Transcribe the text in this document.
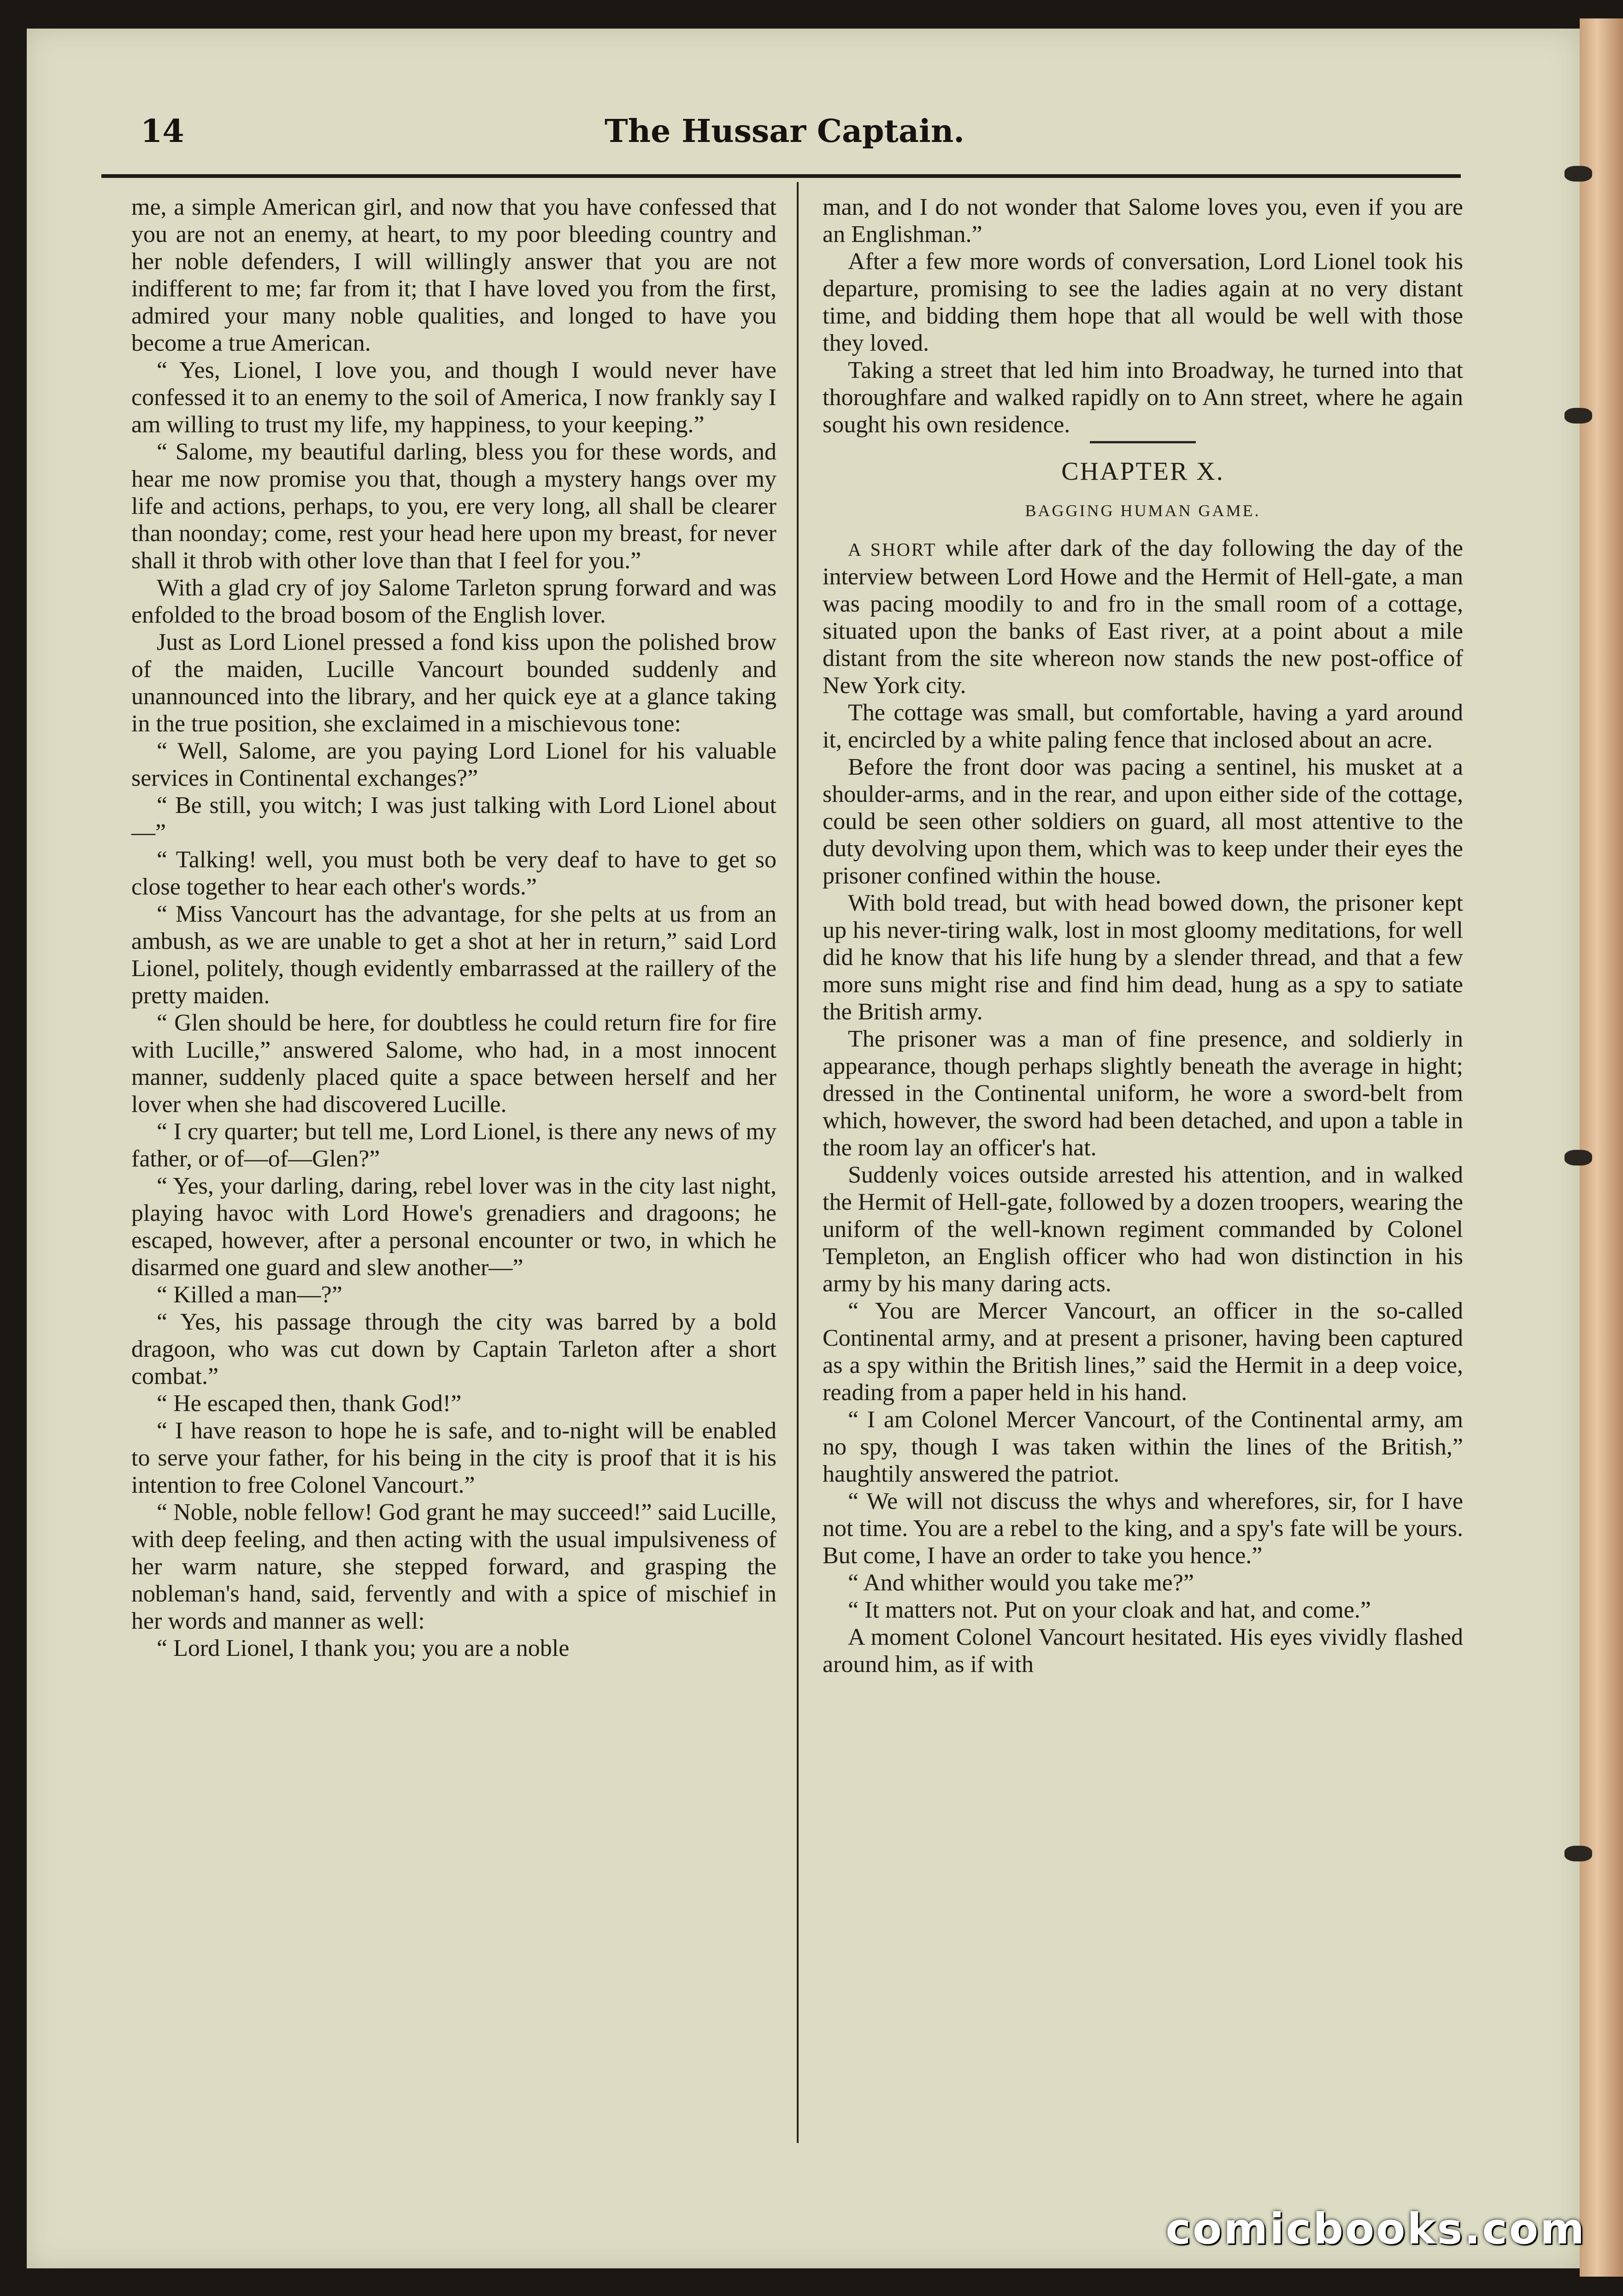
14	The Hussar Captain.

me, a simple American girl, and now that you have confessed that you are not an enemy, at heart, to my poor bleeding country and her noble defenders, I will willingly answer that you are not indifferent to me; far from it; that I have loved you from the first, admired your many noble qualities, and longed to have you become a true American.

“ Yes, Lionel, I love you, and though I would never have confessed it to an enemy to the soil of America, I now frankly say I am willing to trust my life, my happiness, to your keeping.”

“ Salome, my beautiful darling, bless you for these words, and hear me now promise you that, though a mystery hangs over my life and actions, perhaps, to you, ere very long, all shall be clearer than noonday; come, rest your head here upon my breast, for never shall it throb with other love than that I feel for you.”

With a glad cry of joy Salome Tarleton sprung forward and was enfolded to the broad bosom of the English lover.

Just as Lord Lionel pressed a fond kiss upon the polished brow of the maiden, Lucille Vancourt bounded suddenly and unannounced into the library, and her quick eye at a glance taking in the true position, she exclaimed in a mischievous tone:

“ Well, Salome, are you paying Lord Lionel for his valuable services in Continental exchanges?”

“ Be still, you witch; I was just talking with Lord Lionel about—”

“ Talking! well, you must both be very deaf to have to get so close together to hear each other's words.”

“ Miss Vancourt has the advantage, for she pelts at us from an ambush, as we are unable to get a shot at her in return,” said Lord Lionel, politely, though evidently embarrassed at the raillery of the pretty maiden.

“ Glen should be here, for doubtless he could return fire for fire with Lucille,” answered Salome, who had, in a most innocent manner, suddenly placed quite a space between herself and her lover when she had discovered Lucille.

“ I cry quarter; but tell me, Lord Lionel, is there any news of my father, or of—of—Glen?”

“ Yes, your darling, daring, rebel lover was in the city last night, playing havoc with Lord Howe's grenadiers and dragoons; he escaped, however, after a personal encounter or two, in which he disarmed one guard and slew another—”

“ Killed a man—?”

“ Yes, his passage through the city was barred by a bold dragoon, who was cut down by Captain Tarleton after a short combat.”

“ He escaped then, thank God!”

“ I have reason to hope he is safe, and to-night will be enabled to serve your father, for his being in the city is proof that it is his intention to free Colonel Vancourt.”

“ Noble, noble fellow! God grant he may succeed!” said Lucille, with deep feeling, and then acting with the usual impulsiveness of her warm nature, she stepped forward, and grasping the nobleman's hand, said, fervently and with a spice of mischief in her words and manner as well:

“ Lord Lionel, I thank you; you are a noble

man, and I do not wonder that Salome loves you, even if you are an Englishman.”

After a few more words of conversation, Lord Lionel took his departure, promising to see the ladies again at no very distant time, and bidding them hope that all would be well with those they loved.

Taking a street that led him into Broadway, he turned into that thoroughfare and walked rapidly on to Ann street, where he again sought his own residence.

CHAPTER X.
BAGGING HUMAN GAME.

A SHORT while after dark of the day following the day of the interview between Lord Howe and the Hermit of Hell-gate, a man was pacing moodily to and fro in the small room of a cottage, situated upon the banks of East river, at a point about a mile distant from the site whereon now stands the new post-office of New York city.

The cottage was small, but comfortable, having a yard around it, encircled by a white paling fence that inclosed about an acre.

Before the front door was pacing a sentinel, his musket at a shoulder-arms, and in the rear, and upon either side of the cottage, could be seen other soldiers on guard, all most attentive to the duty devolving upon them, which was to keep under their eyes the prisoner confined within the house.

With bold tread, but with head bowed down, the prisoner kept up his never-tiring walk, lost in most gloomy meditations, for well did he know that his life hung by a slender thread, and that a few more suns might rise and find him dead, hung as a spy to satiate the British army.

The prisoner was a man of fine presence, and soldierly in appearance, though perhaps slightly beneath the average in hight; dressed in the Continental uniform, he wore a sword-belt from which, however, the sword had been detached, and upon a table in the room lay an officer's hat.

Suddenly voices outside arrested his attention, and in walked the Hermit of Hell-gate, followed by a dozen troopers, wearing the uniform of the well-known regiment commanded by Colonel Templeton, an English officer who had won distinction in his army by his many daring acts.

“ You are Mercer Vancourt, an officer in the so-called Continental army, and at present a prisoner, having been captured as a spy within the British lines,” said the Hermit in a deep voice, reading from a paper held in his hand.

“ I am Colonel Mercer Vancourt, of the Continental army, am no spy, though I was taken within the lines of the British,” haughtily answered the patriot.

“ We will not discuss the whys and wherefores, sir, for I have not time. You are a rebel to the king, and a spy's fate will be yours. But come, I have an order to take you hence.”

“ And whither would you take me?”

“ It matters not. Put on your cloak and hat, and come.”

A moment Colonel Vancourt hesitated. His eyes vividly flashed around him, as if with

comicbooks.com
